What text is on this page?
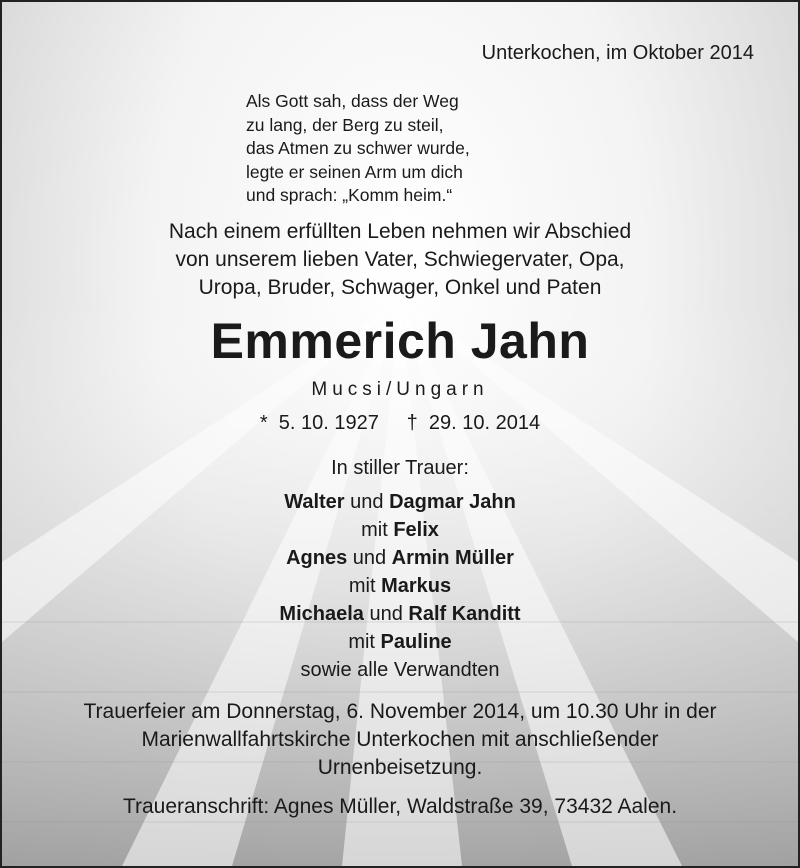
Unterkochen, im Oktober 2014
Als Gott sah, dass der Weg
zu lang, der Berg zu steil,
das Atmen zu schwer wurde,
legte er seinen Arm um dich
und sprach: „Komm heim.“
Nach einem erfüllten Leben nehmen wir Abschied
von unserem lieben Vater, Schwiegervater, Opa,
Uropa, Bruder, Schwager, Onkel und Paten
Emmerich Jahn
Mucsi/Ungarn
*  5. 10. 1927     †  29. 10. 2014
In stiller Trauer:
Walter und Dagmar Jahn
mit Felix
Agnes und Armin Müller
mit Markus
Michaela und Ralf Kanditt
mit Pauline
sowie alle Verwandten
Trauerfeier am Donnerstag, 6. November 2014, um 10.30 Uhr in der
Marienwallfahrtskirche Unterkochen mit anschließender
Urnenbeisetzung.
Traueranschrift: Agnes Müller, Waldstraße 39, 73432 Aalen.
